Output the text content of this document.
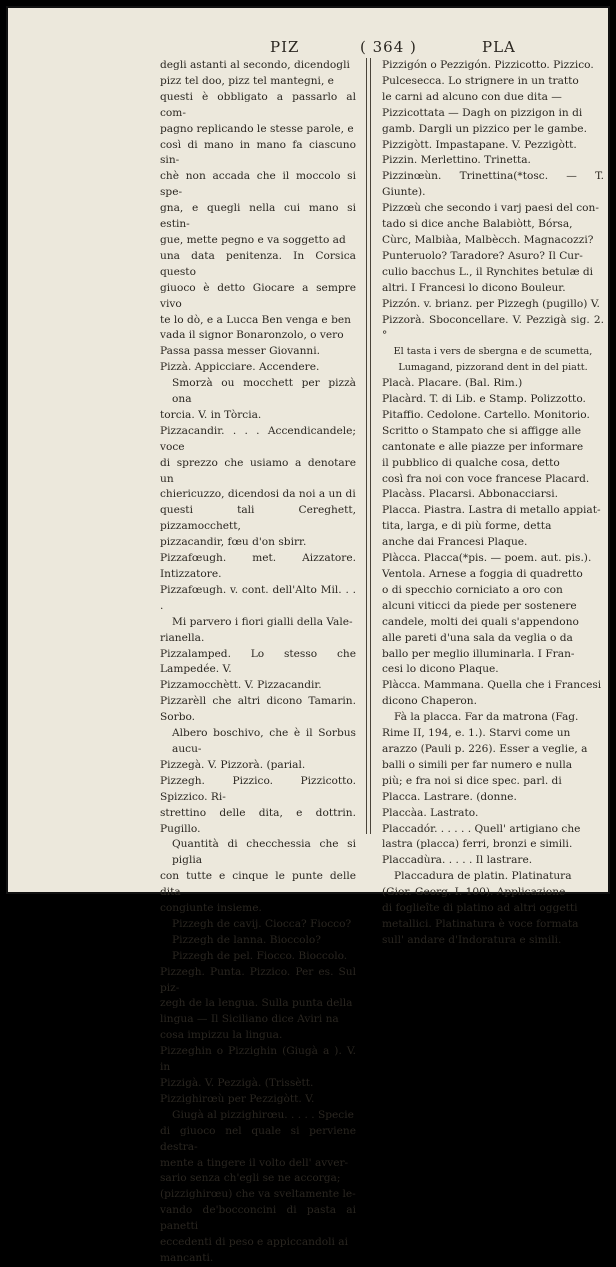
PIZ	( 364 )	PLA

degli astanti al secondo, dicendogli

pizz tel doo, pizz tel mantegni, e

questi è obbligato a passarlo al com-

pagno replicando le stesse parole, e

così di mano in mano fa ciascuno sin-

chè non accada che il moccolo si spe-

gna, e quegli nella cui mano si estin-

gue, mette pegno e va soggetto ad

una data penitenza. In Corsica questo

giuoco è detto Giocare a sempre vivo

te lo dò, e a Lucca Ben venga e ben

vada il signor Bonaronzolo, o vero

Passa passa messer Giovanni.

Pizzà. Appicciare. Accendere.

Smorzà ou mocchett per pizzà ona

torcia. V. in Tòrcia.

Pizzacandir. . . . Accendicandele; voce

di sprezzo che usiamo a denotare un

chiericuzzo, dicendosi da noi a un di

questi tali Cereghett, pizzamocchett,

pizzacandir, fœu d'on sbirr.

Pizzafœugh. met. Aizzatore. Intizzatore.

Pizzafœugh. v. cont. dell'Alto Mil. . . .

Mi parvero i fiori gialli della Vale-

rianella.

Pizzalamped. Lo stesso che Lampedée. V.

Pizzamocchètt. V. Pizzacandir.

Pizzarèll che altri dicono Tamarin. Sorbo.

Albero boschivo, che è il Sorbus aucu-

Pizzegà. V. Pizzorà. (parial.

Pizzegh. Pizzico. Pizzicotto. Spizzico. Ri-

strettino delle dita, e dottrin. Pugillo.

Quantità di checchessia che si piglia

con tutte e cinque le punte delle dita

congiunte insieme.

Pizzegh de cavij. Ciocca? Fiocco?

Pizzegh de lanna. Bioccolo?

Pizzegh de pel. Fiocco. Bioccolo.

Pizzegh. Punta. Pizzico. Per es. Sul piz-

zegh de la lengua. Sulla punta della

lingua — Il Siciliano dice Aviri na

cosa impizzu la lingua.

Pizzeghin o Pizzighin (Giugà a ). V. in

Pizzigà. V. Pezzigà. (Trissètt.

Pizzighirœù per Pezzigòtt. V.

Giugà al pizzighirœu. . . . . Specie

di giuoco nel quale si perviene destra-

mente a tingere il volto dell' avver-

sario senza ch'egli se ne accorga;

(pizzighirœu) che va sveltamente le-

vando de'bocconcini di pasta ai panetti

eccedenti di peso e appiccandoli ai

mancanti.

Pizzigón o Pezzigón. Pizzicotto. Pizzico.

Pulcesecca. Lo strignere in un tratto

le carni ad alcuno con due dita —

Pizzicottata — Dagh on pizzigon in di

gamb. Dargli un pizzico per le gambe.

Pizzigòtt. Impastapane. V. Pezzigòtt.

Pizzin. Merlettino. Trinetta.

Pizzinœùn. Trinettina(*tosc. — T. Giunte).

Pizzœù che secondo i varj paesi del con-

tado si dice anche Balabiòtt, Bórsa,

Cùrc, Malbiàa, Malbècch. Magnacozzi?

Punteruolo? Taradore? Asuro? Il Cur-

culio bacchus L., il Rynchites betulæ di

altri. I Francesi lo dicono Bouleur.

Pizzón. v. brianz. per Pizzegh (pugillo) V.

Pizzorà. Sboconcellare. V. Pezzigà sig. 2.°

El tasta i vers de sbergna e de scumetta,

Lumagand, pizzorand dent in del piatt.

Placà. Placare. (Bal. Rim.)

Placàrd. T. di Lib. e Stamp. Polizzotto.

Pitaffio. Cedolone. Cartello. Monitorio.

Scritto o Stampato che si affigge alle

cantonate e alle piazze per informare

il pubblico di qualche cosa, detto

così fra noi con voce francese Placard.

Placàss. Placarsi. Abbonacciarsi.

Placca. Piastra. Lastra di metallo appiat-

tita, larga, e di più forme, detta

anche dai Francesi Plaque.

Plàcca. Placca(*pis. — poem. aut. pis.).

Ventola. Arnese a foggia di quadretto

o di specchio corniciato a oro con

alcuni viticci da piede per sostenere

candele, molti dei quali s'appendono

alle pareti d'una sala da veglia o da

ballo per meglio illuminarla. I Fran-

cesi lo dicono Plaque.

Plàcca. Mammana. Quella che i Francesi

dicono Chaperon.

Fà la placca. Far da matrona (Fag.

Rime II, 194, e. 1.). Starvi come un

arazzo (Pauli p. 226). Esser a veglie, a

balli o simili per far numero e nulla

più; e fra noi si dice spec. parl. di

Placca. Lastrare. (donne.

Placcàa. Lastrato.

Placcadór. . . . . . Quell' artigiano che

lastra (placca) ferri, bronzi e simili.

Placcadùra. . . . . Il lastrare.

Placcadura de platin. Platinatura

(Gior. Georg. I. 100). Applicazione

di foglieîte di platino ad altri oggetti

metallici. Platinatura è voce formata

sull' andare d'Indoratura e simili.
